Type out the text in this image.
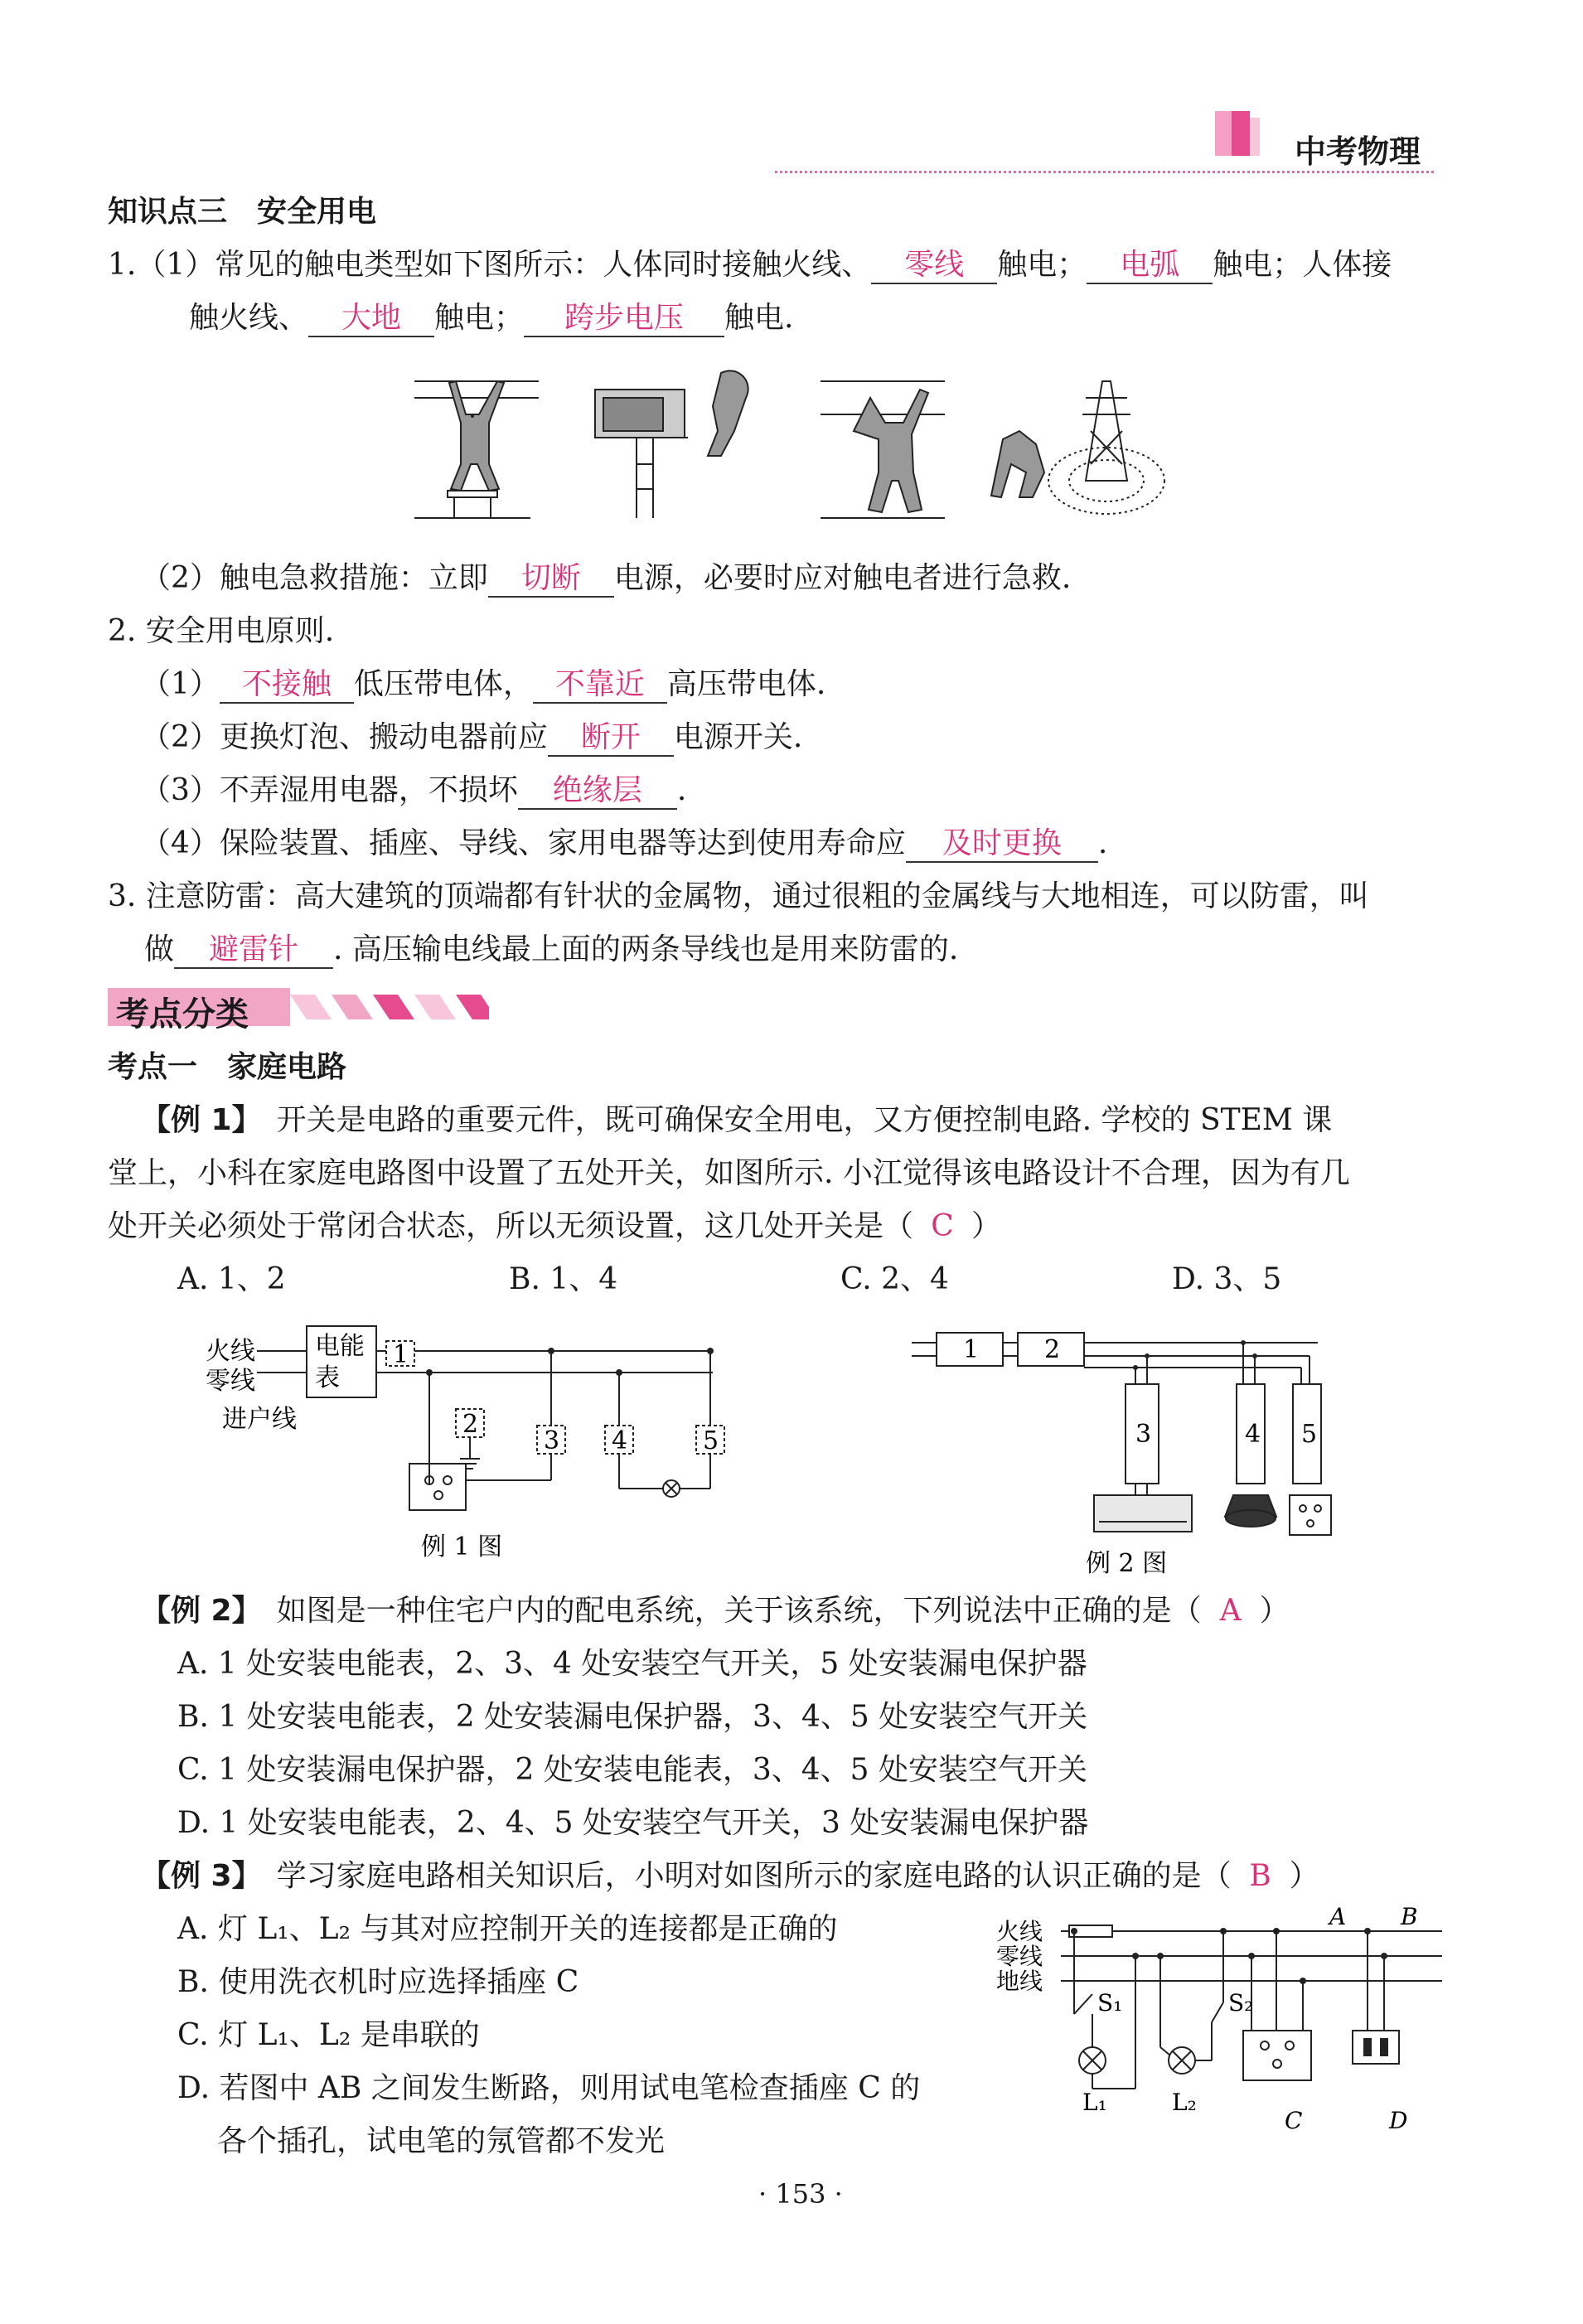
中考物理
知识点三　安全用电
1.（1）常见的触电类型如下图所示：人体同时接触火线、 零线 触电； 电弧 触电；人体接
触火线、 大地 触电； 跨步电压 触电.
（2）触电急救措施：立即 切断 电源，必要时应对触电者进行急救.
2. 安全用电原则.
（1） 不接触 低压带电体， 不靠近 高压带电体.
（2）更换灯泡、搬动电器前应 断开 电源开关.
（3）不弄湿用电器，不损坏 绝缘层 .
（4）保险装置、插座、导线、家用电器等达到使用寿命应 及时更换 .
3. 注意防雷：高大建筑的顶端都有针状的金属物，通过很粗的金属线与大地相连，可以防雷，叫
做 避雷针 . 高压输电线最上面的两条导线也是用来防雷的.
考点分类
考点一　家庭电路
【例 1】　 开关是电路的重要元件，既可确保安全用电，又方便控制电路. 学校的 STEM 课
堂上，小科在家庭电路图中设置了五处开关，如图所示. 小江觉得该电路设计不合理，因为有几
处开关必须处于常闭合状态，所以无须设置，这几处开关是（ C ）
A. 1、2	B. 1、4	C. 2、4	D. 3、5
火线
零线
进户线
电能
表
1
2
3 4	5
例 1 图
1	2
3	4 5
例 2 图
【例 2】　 如图是一种住宅户内的配电系统，关于该系统，下列说法中正确的是（ A ）
A. 1 处安装电能表，2、3、4 处安装空气开关，5 处安装漏电保护器
B. 1 处安装电能表，2 处安装漏电保护器，3、4、5 处安装空气开关
C. 1 处安装漏电保护器，2 处安装电能表，3、4、5 处安装空气开关
D. 1 处安装电能表，2、4、5 处安装空气开关，3 处安装漏电保护器
【例 3】　 学习家庭电路相关知识后，小明对如图所示的家庭电路的认识正确的是（ B ）
A. 灯 L₁、L₂ 与其对应控制开关的连接都是正确的
B. 使用洗衣机时应选择插座 C
C. 灯 L₁、L₂ 是串联的
D. 若图中 AB 之间发生断路，则用试电笔检查插座 C 的
各个插孔，试电笔的氖管都不发光
火线
零线
地线
A B
S₁	S₂
L₁	L₂
C	D
· 153 ·
